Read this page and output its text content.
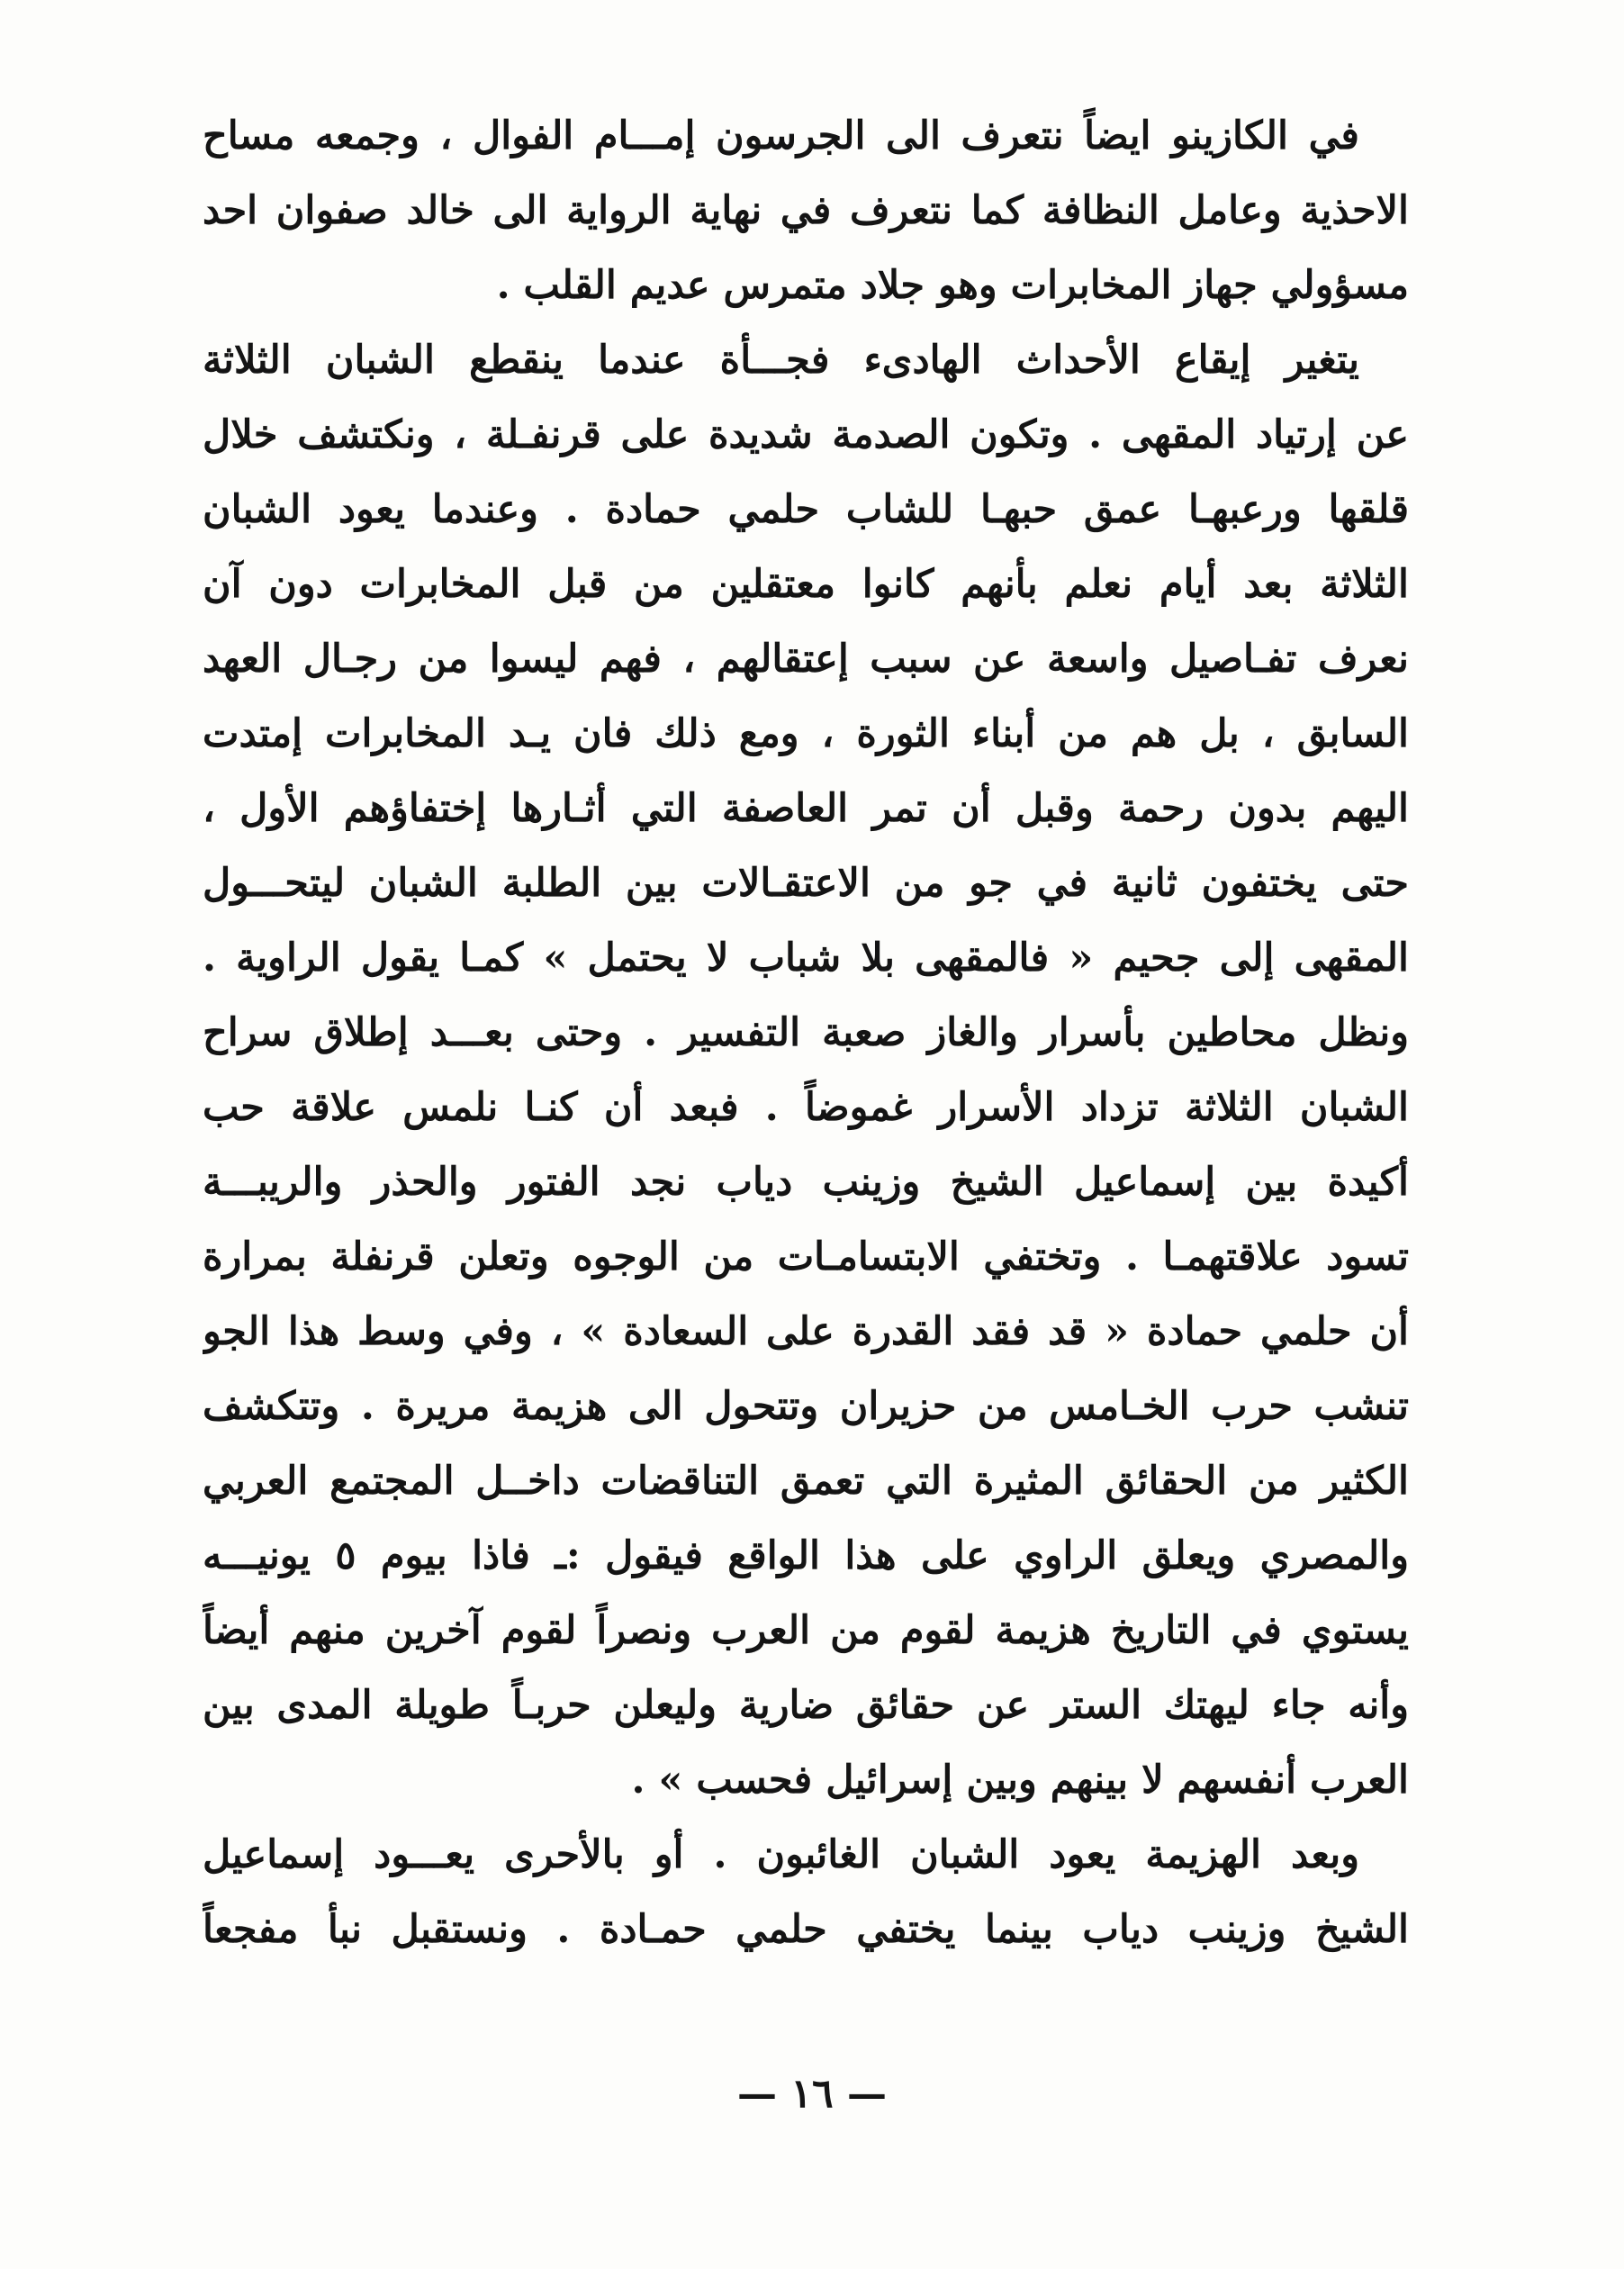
في الكازينو ايضاً نتعرف الى الجرسون إمـــام الفوال ، وجمعه مساح
الاحذية وعامل النظافة كما نتعرف في نهاية الرواية الى خالد صفوان احد
مسؤولي جهاز المخابرات وهو جلاد متمرس عديم القلب .
يتغير إيقاع الأحداث الهادىء فجـــأة عندما ينقطع الشبان الثلاثة
عن إرتياد المقهى . وتكون الصدمة شديدة على قرنفـلة ، ونكتشف خلال
قلقها ورعبهـا عمق حبهـا للشاب حلمي حمادة . وعندما يعود الشبان
الثلاثة بعد أيام نعلم بأنهم كانوا معتقلين من قبل المخابرات دون آن
نعرف تفـاصيل واسعة عن سبب إعتقالهم ، فهم ليسوا من رجـال العهد
السابق ، بل هم من أبناء الثورة ، ومع ذلك فان يـد المخابرات إمتدت
اليهم بدون رحمة وقبل أن تمر العاصفة التي أثـارها إختفاؤهم الأول ،
حتى يختفون ثانية في جو من الاعتقـالات بين الطلبة الشبان ليتحـــول
المقهى إلى جحيم « فالمقهى بلا شباب لا يحتمل » كمـا يقول الراوية .
ونظل محاطين بأسرار والغاز صعبة التفسير . وحتى بعـــد إطلاق سراح
الشبان الثلاثة تزداد الأسرار غموضاً . فبعد أن كنـا نلمس علاقة حب
أكيدة بين إسماعيل الشيخ وزينب دياب نجد الفتور والحذر والريبـــة
تسود علاقتهمـا . وتختفي الابتسامـات من الوجوه وتعلن قرنفلة بمرارة
أن حلمي حمادة « قد فقد القدرة على السعادة » ، وفي وسط هذا الجو
تنشب حرب الخـامس من حزيران وتتحول الى هزيمة مريرة . وتتكشف
الكثير من الحقائق المثيرة التي تعمق التناقضات داخــل المجتمع العربي
والمصري ويعلق الراوي على هذا الواقع فيقول :ـ فاذا بيوم ٥ يونيـــه
يستوي في التاريخ هزيمة لقوم من العرب ونصراً لقوم آخرين منهم أيضاً
وأنه جاء ليهتك الستر عن حقائق ضارية وليعلن حربـاً طويلة المدى بين
العرب أنفسهم لا بينهم وبين إسرائيل فحسب » .
وبعد الهزيمة يعود الشبان الغائبون . أو بالأحرى يعـــود إسماعيل
الشيخ وزينب دياب بينما يختفي حلمي حمـادة . ونستقبل نبأ مفجعاً
— ١٦ —
